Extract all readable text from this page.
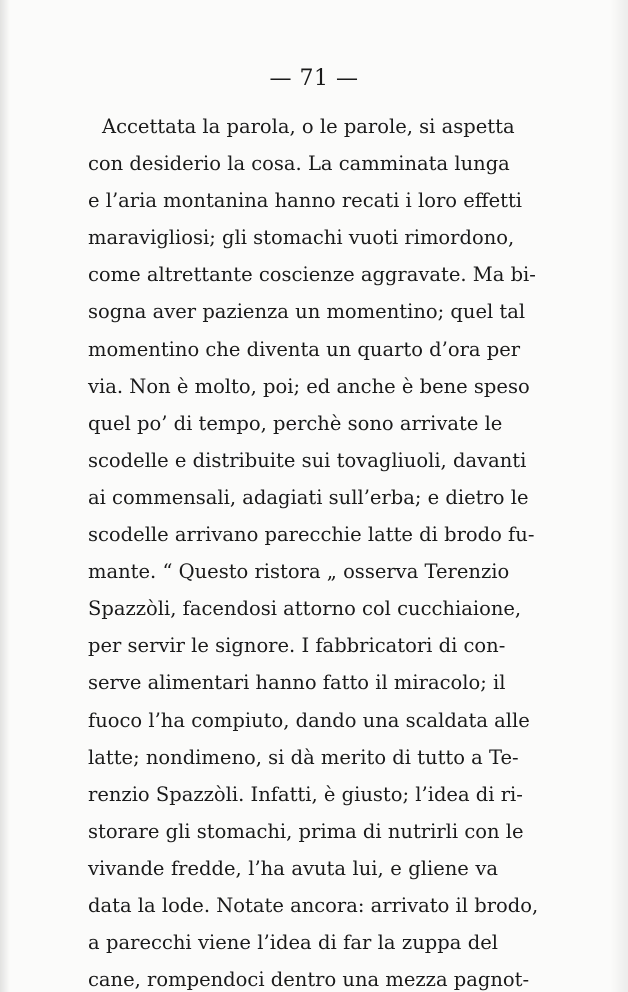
— 71 —
Accettata la parola, o le parole, si aspetta
con desiderio la cosa. La camminata lunga
e l’aria montanina hanno recati i loro effetti
maravigliosi; gli stomachi vuoti rimordono,
come altrettante coscienze aggravate. Ma bi-
sogna aver pazienza un momentino; quel tal
momentino che diventa un quarto d’ora per
via. Non è molto, poi; ed anche è bene speso
quel po’ di tempo, perchè sono arrivate le
scodelle e distribuite sui tovagliuoli, davanti
ai commensali, adagiati sull’erba; e dietro le
scodelle arrivano parecchie latte di brodo fu-
mante. “ Questo ristora „ osserva Terenzio
Spazzòli, facendosi attorno col cucchiaione,
per servir le signore. I fabbricatori di con-
serve alimentari hanno fatto il miracolo; il
fuoco l’ha compiuto, dando una scaldata alle
latte; nondimeno, si dà merito di tutto a Te-
renzio Spazzòli. Infatti, è giusto; l’idea di ri-
storare gli stomachi, prima di nutrirli con le
vivande fredde, l’ha avuta lui, e gliene va
data la lode. Notate ancora: arrivato il brodo,
a parecchi viene l’idea di far la zuppa del
cane, rompendoci dentro una mezza pagnot-
